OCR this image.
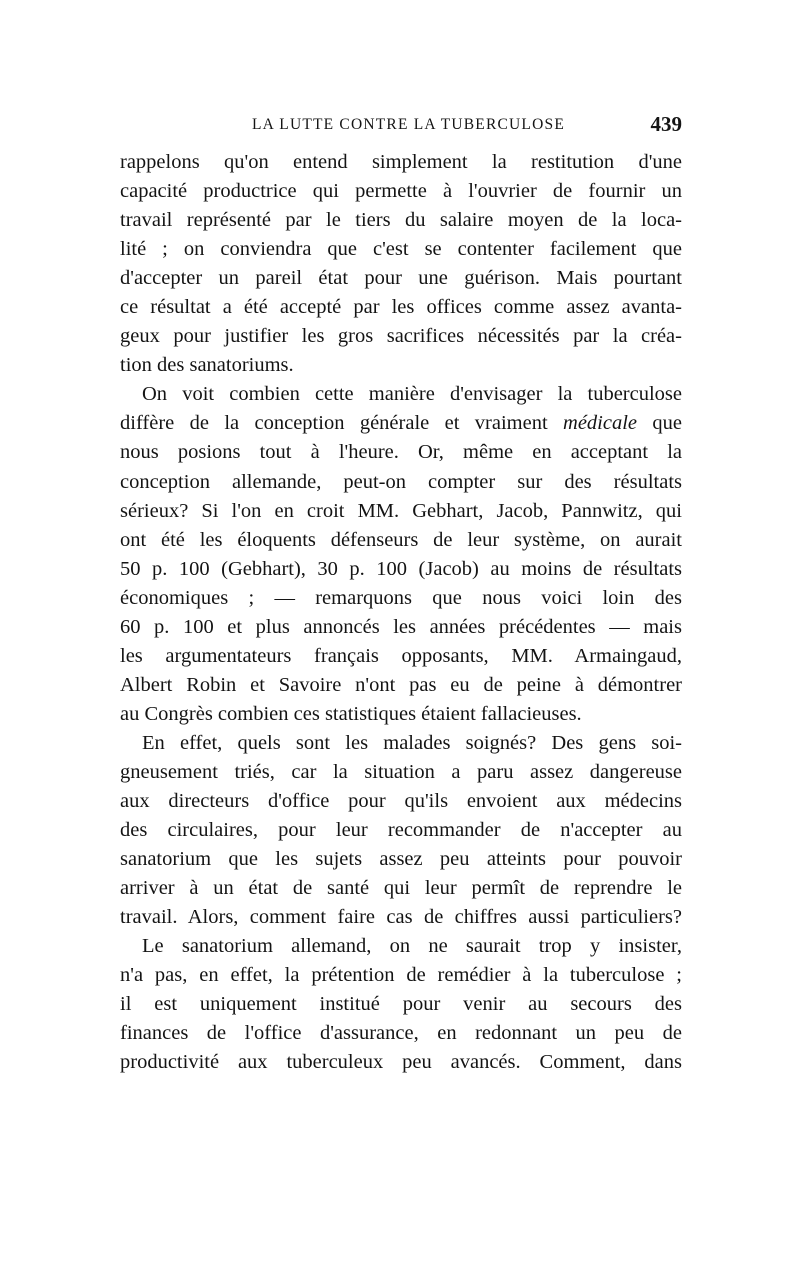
LA LUTTE CONTRE LA TUBERCULOSE	439
rappelons qu'on entend simplement la restitution d'une
capacité productrice qui permette à l'ouvrier de fournir un
travail représenté par le tiers du salaire moyen de la loca-
lité ; on conviendra que c'est se contenter facilement que
d'accepter un pareil état pour une guérison. Mais pourtant
ce résultat a été accepté par les offices comme assez avanta-
geux pour justifier les gros sacrifices nécessités par la créa-
tion des sanatoriums.
On voit combien cette manière d'envisager la tuberculose
diffère de la conception générale et vraiment médicale que
nous posions tout à l'heure. Or, même en acceptant la
conception allemande, peut-on compter sur des résultats
sérieux? Si l'on en croit MM. Gebhart, Jacob, Pannwitz, qui
ont été les éloquents défenseurs de leur système, on aurait
50 p. 100 (Gebhart), 30 p. 100 (Jacob) au moins de résultats
économiques ; — remarquons que nous voici loin des
60 p. 100 et plus annoncés les années précédentes — mais
les argumentateurs français opposants, MM. Armaingaud,
Albert Robin et Savoire n'ont pas eu de peine à démontrer
au Congrès combien ces statistiques étaient fallacieuses.
En effet, quels sont les malades soignés? Des gens soi-
gneusement triés, car la situation a paru assez dangereuse
aux directeurs d'office pour qu'ils envoient aux médecins
des circulaires, pour leur recommander de n'accepter au
sanatorium que les sujets assez peu atteints pour pouvoir
arriver à un état de santé qui leur permît de reprendre le
travail. Alors, comment faire cas de chiffres aussi particuliers?
Le sanatorium allemand, on ne saurait trop y insister,
n'a pas, en effet, la prétention de remédier à la tuberculose ;
il est uniquement institué pour venir au secours des
finances de l'office d'assurance, en redonnant un peu de
productivité aux tuberculeux peu avancés. Comment, dans
